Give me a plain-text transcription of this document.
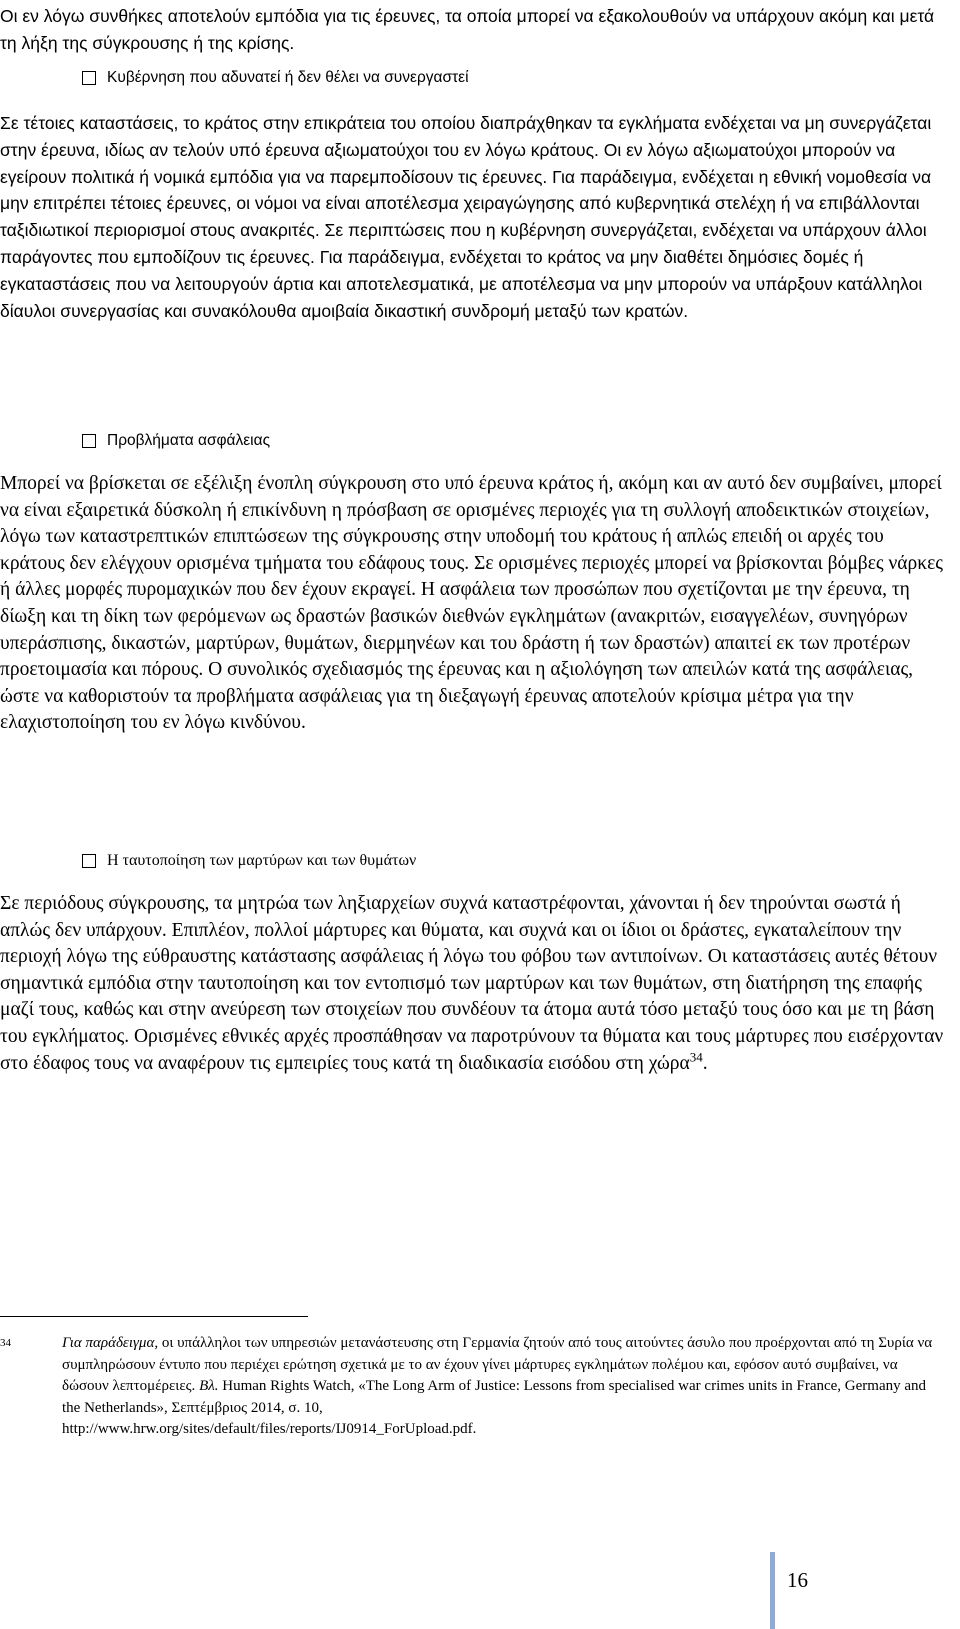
Οι εν λόγω συνθήκες αποτελούν εμπόδια για τις έρευνες, τα οποία μπορεί να εξακολουθούν να υπάρχουν ακόμη και μετά τη λήξη της σύγκρουσης ή της κρίσης.

Κυβέρνηση που αδυνατεί ή δεν θέλει να συνεργαστεί

Σε τέτοιες καταστάσεις, το κράτος στην επικράτεια του οποίου διαπράχθηκαν τα εγκλήματα ενδέχεται να μη συνεργάζεται στην έρευνα, ιδίως αν τελούν υπό έρευνα αξιωματούχοι του εν λόγω κράτους. Οι εν λόγω αξιωματούχοι μπορούν να εγείρουν πολιτικά ή νομικά εμπόδια για να παρεμποδίσουν τις έρευνες. Για παράδειγμα, ενδέχεται η εθνική νομοθεσία να μην επιτρέπει τέτοιες έρευνες, οι νόμοι να είναι αποτέλεσμα χειραγώγησης από κυβερνητικά στελέχη ή να επιβάλλονται ταξιδιωτικοί περιορισμοί στους ανακριτές. Σε περιπτώσεις που η κυβέρνηση συνεργάζεται, ενδέχεται να υπάρχουν άλλοι παράγοντες που εμποδίζουν τις έρευνες. Για παράδειγμα, ενδέχεται το κράτος να μην διαθέτει δημόσιες δομές ή εγκαταστάσεις που να λειτουργούν άρτια και αποτελεσματικά, με αποτέλεσμα να μην μπορούν να υπάρξουν κατάλληλοι δίαυλοι συνεργασίας και συνακόλουθα αμοιβαία δικαστική συνδρομή μεταξύ των κρατών.

Προβλήματα ασφάλειας

Μπορεί να βρίσκεται σε εξέλιξη ένοπλη σύγκρουση στο υπό έρευνα κράτος ή, ακόμη και αν αυτό δεν συμβαίνει, μπορεί να είναι εξαιρετικά δύσκολη ή επικίνδυνη η πρόσβαση σε ορισμένες περιοχές για τη συλλογή αποδεικτικών στοιχείων, λόγω των καταστρεπτικών επιπτώσεων της σύγκρουσης στην υποδομή του κράτους ή απλώς επειδή οι αρχές του κράτους δεν ελέγχουν ορισμένα τμήματα του εδάφους τους. Σε ορισμένες περιοχές μπορεί να βρίσκονται βόμβες νάρκες ή άλλες μορφές πυρομαχικών που δεν έχουν εκραγεί. Η ασφάλεια των προσώπων που σχετίζονται με την έρευνα, τη δίωξη και τη δίκη των φερόμενων ως δραστών βασικών διεθνών εγκλημάτων (ανακριτών, εισαγγελέων, συνηγόρων υπεράσπισης, δικαστών, μαρτύρων, θυμάτων, διερμηνέων και του δράστη ή των δραστών) απαιτεί εκ των προτέρων προετοιμασία και πόρους. Ο συνολικός σχεδιασμός της έρευνας και η αξιολόγηση των απειλών κατά της ασφάλειας, ώστε να καθοριστούν τα προβλήματα ασφάλειας για τη διεξαγωγή έρευνας αποτελούν κρίσιμα μέτρα για την ελαχιστοποίηση του εν λόγω κινδύνου.

Η ταυτοποίηση των μαρτύρων και των θυμάτων

Σε περιόδους σύγκρουσης, τα μητρώα των ληξιαρχείων συχνά καταστρέφονται, χάνονται ή δεν τηρούνται σωστά ή απλώς δεν υπάρχουν. Επιπλέον, πολλοί μάρτυρες και θύματα, και συχνά και οι ίδιοι οι δράστες, εγκαταλείπουν την περιοχή λόγω της εύθραυστης κατάστασης ασφάλειας ή λόγω του φόβου των αντιποίνων. Οι καταστάσεις αυτές θέτουν σημαντικά εμπόδια στην ταυτοποίηση και τον εντοπισμό των μαρτύρων και των θυμάτων, στη διατήρηση της επαφής μαζί τους, καθώς και στην ανεύρεση των στοιχείων που συνδέουν τα άτομα αυτά τόσο μεταξύ τους όσο και με τη βάση του εγκλήματος. Ορισμένες εθνικές αρχές προσπάθησαν να παροτρύνουν τα θύματα και τους μάρτυρες που εισέρχονταν στο έδαφος τους να αναφέρουν τις εμπειρίες τους κατά τη διαδικασία εισόδου στη χώρα$^{34}$.

34	Για παράδειγμα, οι υπάλληλοι των υπηρεσιών μετανάστευσης στη Γερμανία ζητούν από τους αιτούντες άσυλο που προέρχονται από τη Συρία να συμπληρώσουν έντυπο που περιέχει ερώτηση σχετικά με το αν έχουν γίνει μάρτυρες εγκλημάτων πολέμου και, εφόσον αυτό συμβαίνει, να δώσουν λεπτομέρειες. Βλ. Human Rights Watch, «The Long Arm of Justice: Lessons from specialised war crimes units in France, Germany and the Netherlands», Σεπτέμβριος 2014, σ. 10,
http://www.hrw.org/sites/default/files/reports/IJ0914_ForUpload.pdf.

16
